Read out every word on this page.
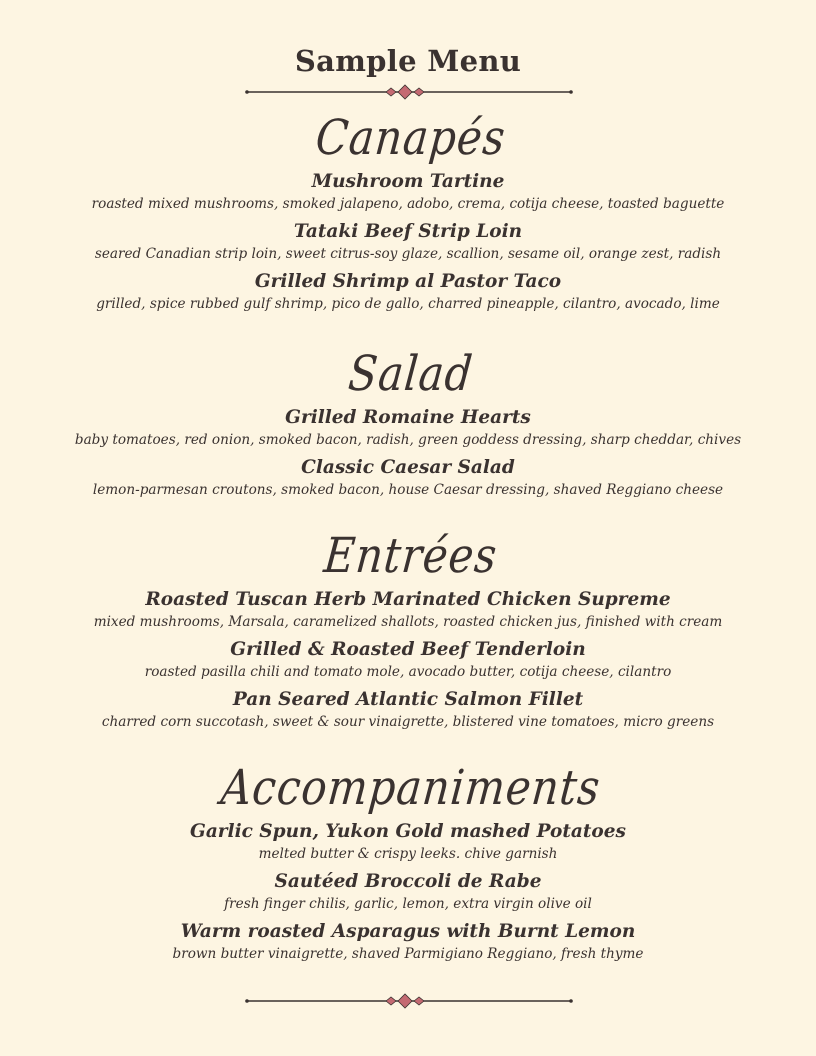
Sample Menu
Canapés
Mushroom Tartine
roasted mixed mushrooms, smoked jalapeno, adobo, crema, cotija cheese, toasted baguette
Tataki Beef Strip Loin
seared Canadian strip loin, sweet citrus-soy glaze, scallion, sesame oil, orange zest, radish
Grilled Shrimp al Pastor Taco
grilled, spice rubbed gulf shrimp, pico de gallo, charred pineapple, cilantro, avocado, lime
Salad
Grilled Romaine Hearts
baby tomatoes, red onion, smoked bacon, radish, green goddess dressing, sharp cheddar, chives
Classic Caesar Salad
lemon-parmesan croutons, smoked bacon, house Caesar dressing, shaved Reggiano cheese
Entrées
Roasted Tuscan Herb Marinated Chicken Supreme
mixed mushrooms, Marsala, caramelized shallots, roasted chicken jus, finished with cream
Grilled & Roasted Beef Tenderloin
roasted pasilla chili and tomato mole, avocado butter, cotija cheese, cilantro
Pan Seared Atlantic Salmon Fillet
charred corn succotash, sweet & sour vinaigrette, blistered vine tomatoes, micro greens
Accompaniments
Garlic Spun, Yukon Gold mashed Potatoes
melted butter & crispy leeks. chive garnish
Sautéed Broccoli de Rabe
fresh finger chilis, garlic, lemon, extra virgin olive oil
Warm roasted Asparagus with Burnt Lemon
brown butter vinaigrette, shaved Parmigiano Reggiano, fresh thyme
